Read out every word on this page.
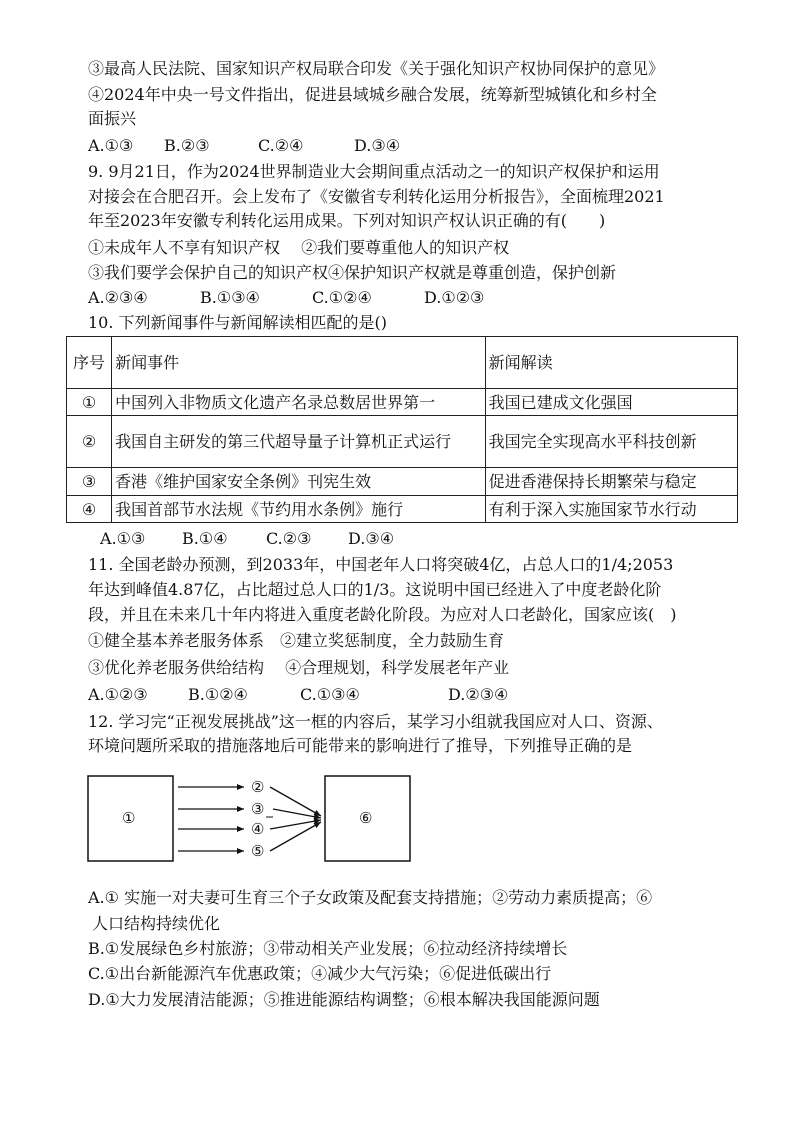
③最高人民法院、国家知识产权局联合印发《关于强化知识产权协同保护的意见》
④2024年中央一号文件指出，促进县域城乡融合发展，统筹新型城镇化和乡村全
面振兴
A.①③ B.②③	C.②④	D.③④
9. 9月21日，作为2024世界制造业大会期间重点活动之一的知识产权保护和运用
对接会在合肥召开。会上发布了《安徽省专利转化运用分析报告》，全面梳理2021
年至2023年安徽专利转化运用成果。下列对知识产权认识正确的有(　　)
①未成年人不享有知识产权　 ②我们要尊重他人的知识产权
③我们要学会保护自己的知识产权④保护知识产权就是尊重创造，保护创新
A.②③④	B.①③④	C.①②④	D.①②③
10. 下列新闻事件与新闻解读相匹配的是()
序号	新闻事件	新闻解读
①	中国列入非物质文化遗产名录总数居世界第一	我国已建成文化强国
②	我国自主研发的第三代超导量子计算机正式运行	我国完全实现高水平科技创新
③	香港《维护国家安全条例》刊宪生效	促进香港保持长期繁荣与稳定
④	我国首部节水法规《节约用水条例》施行	有利于深入实施国家节水行动
A.①③ B.①④ C.②③ D.③④
11. 全国老龄办预测，到2033年，中国老年人口将突破4亿，占总人口的1/4;2053
年达到峰值4.87亿，占比超过总人口的1/3。这说明中国已经进入了中度老龄化阶
段，并且在未来几十年内将进入重度老龄化阶段。为应对人口老龄化，国家应该(　)
①健全基本养老服务体系　②建立奖惩制度，全力鼓励生育
③优化养老服务供给结构　 ④合理规划，科学发展老年产业
A.①②③	B.①②④	C.①③④	D.②③④
12. 学习完“正视发展挑战”这一框的内容后，某学习小组就我国应对人口、资源、
环境问题所采取的措施落地后可能带来的影响进行了推导，下列推导正确的是
①	⑥
②
③
④
⑤
A.① 实施一对夫妻可生育三个子女政策及配套支持措施；②劳动力素质提高；⑥
人口结构持续优化
B.①发展绿色乡村旅游；③带动相关产业发展；⑥拉动经济持续增长
C.①出台新能源汽车优惠政策；④减少大气污染；⑥促进低碳出行
D.①大力发展清洁能源；⑤推进能源结构调整；⑥根本解决我国能源问题
